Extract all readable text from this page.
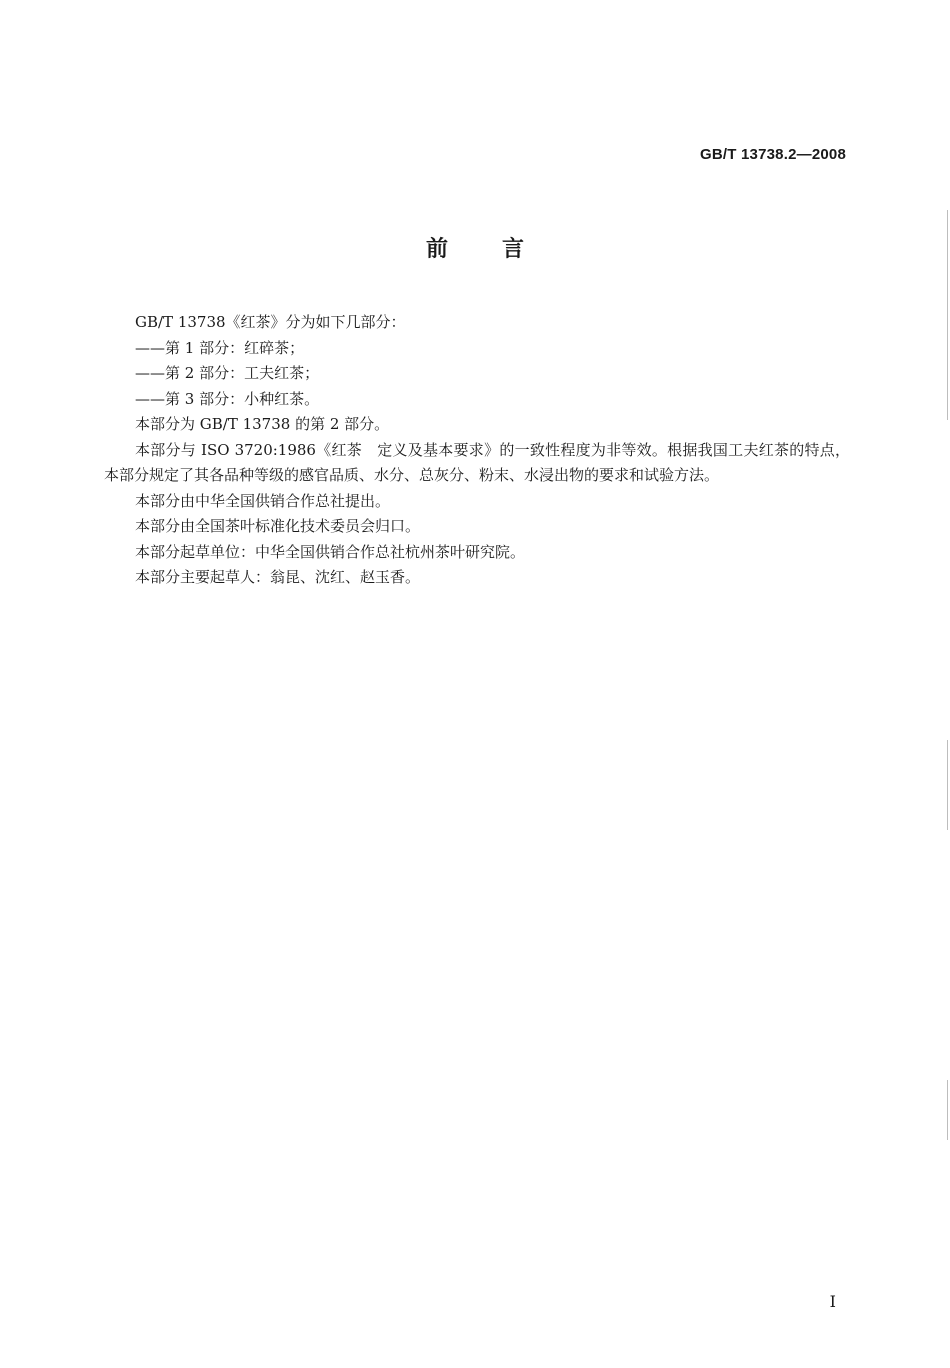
GB/T 13738.2—2008
前言

GB/T 13738《红茶》分为如下几部分：

——第 1 部分：红碎茶；

——第 2 部分：工夫红茶；

——第 3 部分：小种红茶。

本部分为 GB/T 13738 的第 2 部分。

本部分与 ISO 3720:1986《红茶　定义及基本要求》的一致性程度为非等效。根据我国工夫红茶的特点，本部分规定了其各品种等级的感官品质、水分、总灰分、粉末、水浸出物的要求和试验方法。

本部分由中华全国供销合作总社提出。

本部分由全国茶叶标准化技术委员会归口。

本部分起草单位：中华全国供销合作总社杭州茶叶研究院。

本部分主要起草人：翁昆、沈红、赵玉香。

I
